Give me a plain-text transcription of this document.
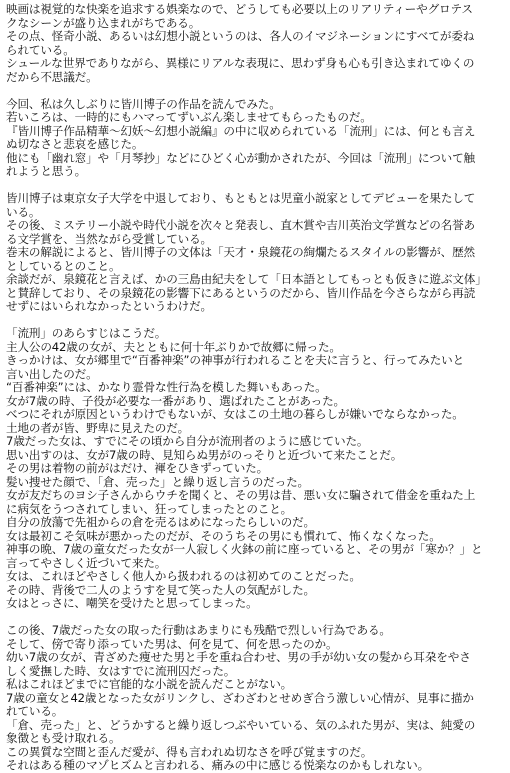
映画は視覚的な快楽を追求する娯楽なので、どうしても必要以上のリアリティーやグロテス
クなシーンが盛り込まれがちである。
その点、怪奇小説、あるいは幻想小説というのは、各人のイマジネーションにすべてが委ね
られている。
シュールな世界でありながら、異様にリアルな表現に、思わず身も心も引き込まれてゆくの
だから不思議だ。
今回、私は久しぶりに皆川博子の作品を読んでみた。
若いころは、一時的にもハマってずいぶん楽しませてもらったものだ。
『皆川博子作品精華〜幻妖〜幻想小説編』の中に収められている「流刑」には、何とも言え
ぬ切なさと悲哀を感じた。
他にも「幽れ窓」や「月琴抄」などにひどく心が動かされたが、今回は「流刑」について触
れようと思う。
皆川博子は東京女子大学を中退しており、もともとは児童小説家としてデビューを果たして
いる。
その後、ミステリー小説や時代小説を次々と発表し、直木賞や吉川英治文学賞などの名誉あ
る文学賞を、当然ながら受賞している。
巻末の解説によると、皆川博子の文体は「天才・泉鏡花の絢爛たるスタイルの影響が、歴然
としているとのこと。
余談だが、泉鏡花と言えば、かの三島由紀夫をして「日本語としてもっとも仮きに遊ぶ文体」
と賛辞しており、その泉鏡花の影響下にあるというのだから、皆川作品を今さらながら再読
せずにはいられなかったというわけだ。
「流刑」のあらすじはこうだ。
主人公の42歳の女が、夫とともに何十年ぶりかで故郷に帰った。
きっかけは、女が郷里で“百番神楽”の神事が行われることを夫に言うと、行ってみたいと
言い出したのだ。
“百番神楽”には、かなり霊骨な性行為を模した舞いもあった。
女が7歳の時、子役が必要な一番があり、選ばれたことがあった。
べつにそれが原因というわけでもないが、女はこの土地の暮らしが嫌いでならなかった。
土地の者が皆、野卑に見えたのだ。
7歳だった女は、すでにその頃から自分が流刑者のように感じていた。
思い出すのは、女が7歳の時、見知らぬ男がのっそりと近づいて来たことだ。
その男は着物の前がはだけ、褌をひきずっていた。
髪い捜せた顔で、「倉、売った」と繰り返し言うのだった。
女が友だちのヨシ子さんからウチを聞くと、その男は昔、悪い女に騙されて借金を重ねた上
に病気をうつされてしまい、狂ってしまったとのこと。
自分の放蕩で先祖からの倉を売るはめになったらしいのだ。
女は最初こそ気味が悪かったのだが、そのうちその男にも慣れて、怖くなくなった。
神事の晩、7歳の童女だった女が一人寂しく火鉢の前に座っていると、その男が「寒か？」と
言ってやさしく近づいて来た。
女は、これほどやさしく他人から扱われるのは初めてのことだった。
その時、背後で二人のようすを見て笑った人の気配がした。
女はとっさに、嘲笑を受けたと思ってしまった。
この後、7歳だった女の取った行動はあまりにも残酷で烈しい行為である。
そして、傍で寄り添っていた男は、何を見て、何を思ったのか。
幼い7歳の女が、青ざめた痩せた男と手を重ね合わせ、男の手が幼い女の髪から耳朶をやさ
しく愛撫した時、女はすでに流刑囚だった。
私はこれほどまでに官能的な小説を読んだことがない。
7歳の童女と42歳となった女がリンクし、ざわざわとせめぎ合う激しい心情が、見事に描か
れている。
「倉、売った」と、どうかすると繰り返しつぶやいている、気のふれた男が、実は、純愛の
象徴とも受け取れる。
この異質な空間と歪んだ愛が、得も言われぬ切なさを呼び覚ますのだ。
それはある種のマゾヒズムと言われる、痛みの中に感じる悦楽なのかもしれない。
